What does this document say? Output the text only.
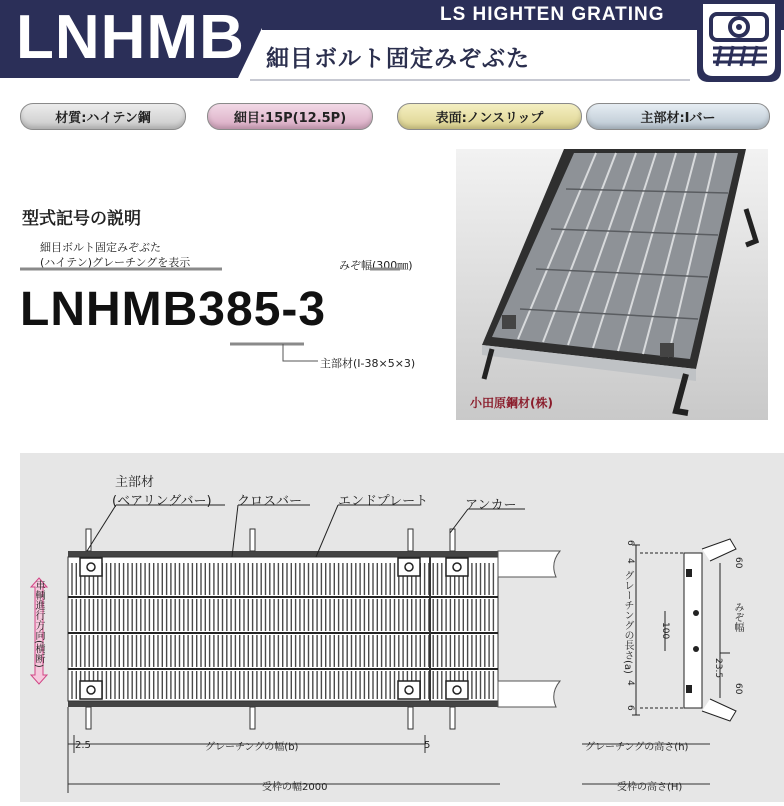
LNHMB	LS HIGHTEN GRATING
細目ボルト固定みぞぶた
材質:ハイテン鋼	細目:15P(12.5P)	表面:ノンスリップ	主部材:Iバー
型式記号の説明
細目ボルト固定みぞぶた
(ハイテン)グレーチングを表示	みぞ幅(300㎜)
LNHMB385-3
主部材(I-38×5×3)
小田原鋼材(株)
主部材
(ベアリングバー) クロスバー	エンドプレート	アンカー
車輌進行方向(横断)
2.5	グレーチングの幅(b)	5
受枠の幅2000
グレーチングの高さ(h)
受枠の高さ(H)
グレーチングの長さ(a)	みぞ幅
6
4	60
100
23.5
4
60
6
